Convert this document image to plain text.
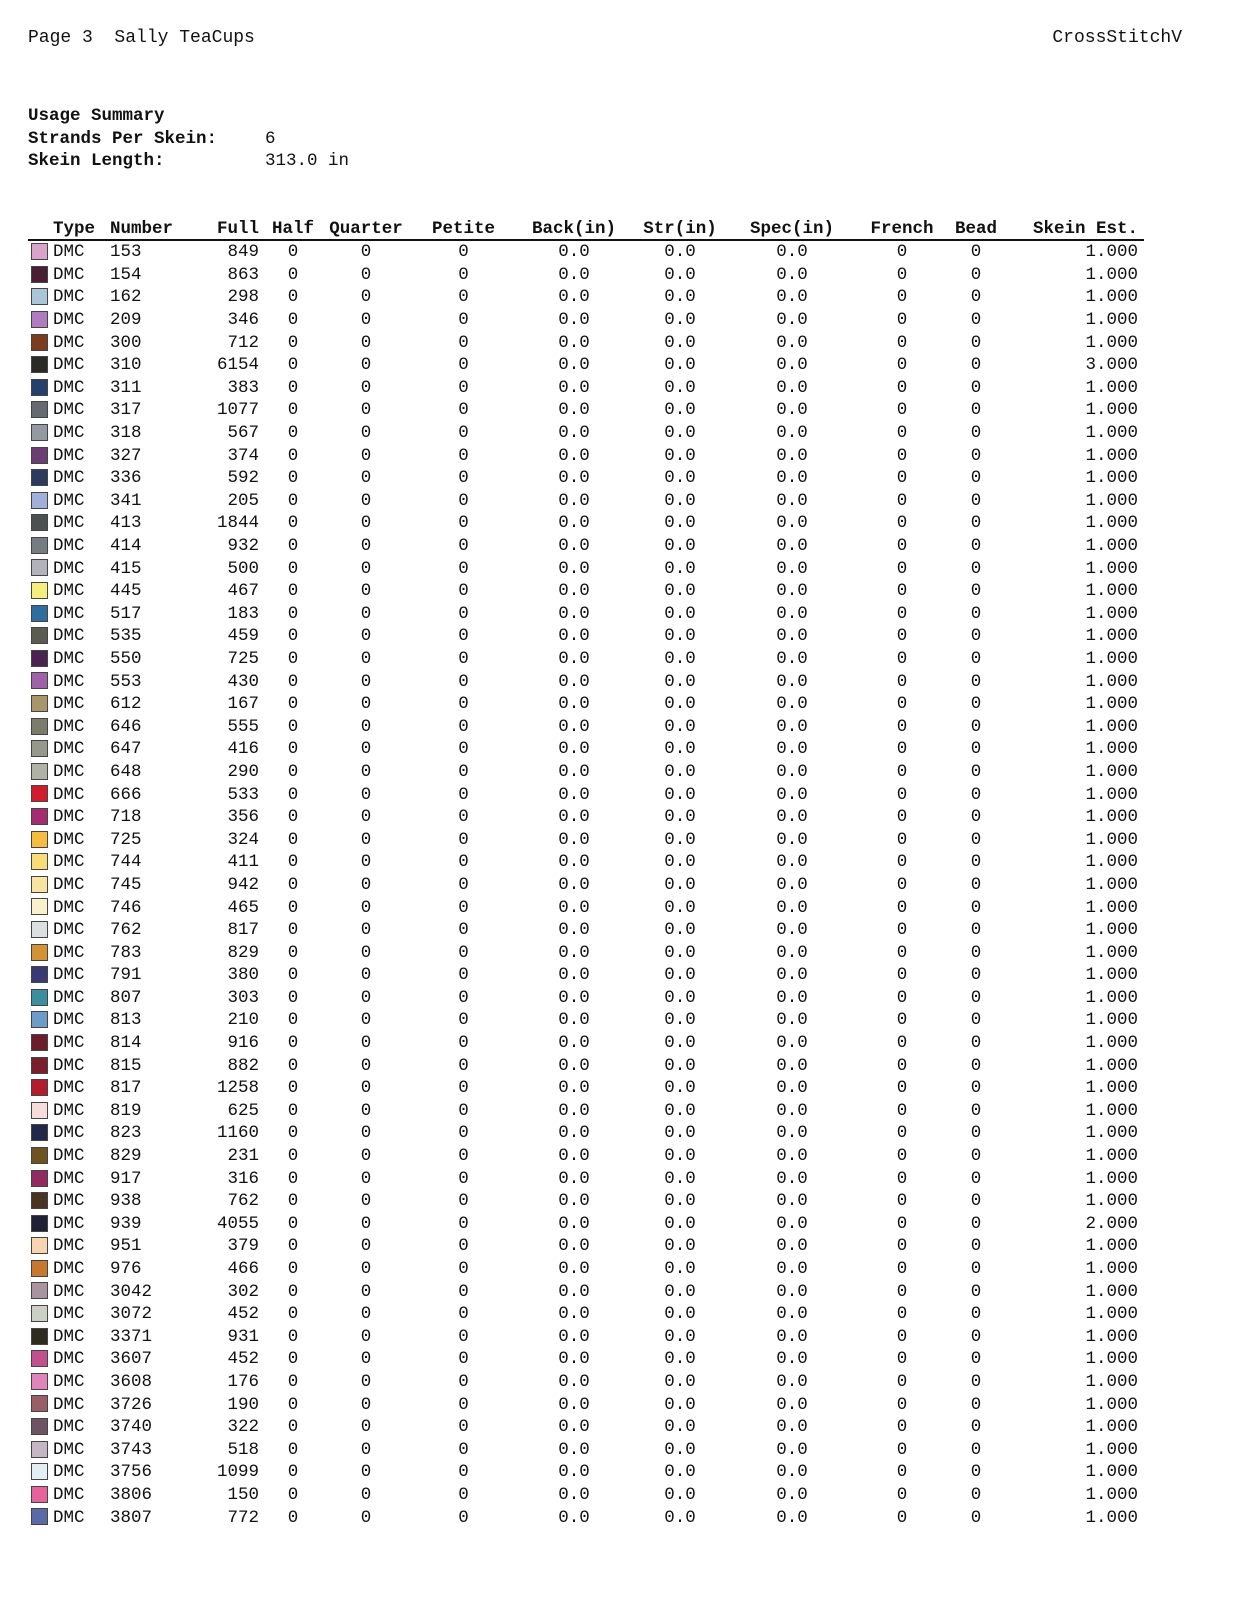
Page 3 Sally TeaCups	CrossStitchV
Usage Summary
Strands Per Skein:	6
Skein Length:	313.0 in
	Type	Number	Full	Half	Quarter	Petite	Back(in)	Str(in)	Spec(in)	French	Bead	Skein Est.
	DMC	153	849	0	0	0	0.0	0.0	0.0	0	0	1.000
	DMC	154	863	0	0	0	0.0	0.0	0.0	0	0	1.000
	DMC	162	298	0	0	0	0.0	0.0	0.0	0	0	1.000
	DMC	209	346	0	0	0	0.0	0.0	0.0	0	0	1.000
	DMC	300	712	0	0	0	0.0	0.0	0.0	0	0	1.000
	DMC	310	6154	0	0	0	0.0	0.0	0.0	0	0	3.000
	DMC	311	383	0	0	0	0.0	0.0	0.0	0	0	1.000
	DMC	317	1077	0	0	0	0.0	0.0	0.0	0	0	1.000
	DMC	318	567	0	0	0	0.0	0.0	0.0	0	0	1.000
	DMC	327	374	0	0	0	0.0	0.0	0.0	0	0	1.000
	DMC	336	592	0	0	0	0.0	0.0	0.0	0	0	1.000
	DMC	341	205	0	0	0	0.0	0.0	0.0	0	0	1.000
	DMC	413	1844	0	0	0	0.0	0.0	0.0	0	0	1.000
	DMC	414	932	0	0	0	0.0	0.0	0.0	0	0	1.000
	DMC	415	500	0	0	0	0.0	0.0	0.0	0	0	1.000
	DMC	445	467	0	0	0	0.0	0.0	0.0	0	0	1.000
	DMC	517	183	0	0	0	0.0	0.0	0.0	0	0	1.000
	DMC	535	459	0	0	0	0.0	0.0	0.0	0	0	1.000
	DMC	550	725	0	0	0	0.0	0.0	0.0	0	0	1.000
	DMC	553	430	0	0	0	0.0	0.0	0.0	0	0	1.000
	DMC	612	167	0	0	0	0.0	0.0	0.0	0	0	1.000
	DMC	646	555	0	0	0	0.0	0.0	0.0	0	0	1.000
	DMC	647	416	0	0	0	0.0	0.0	0.0	0	0	1.000
	DMC	648	290	0	0	0	0.0	0.0	0.0	0	0	1.000
	DMC	666	533	0	0	0	0.0	0.0	0.0	0	0	1.000
	DMC	718	356	0	0	0	0.0	0.0	0.0	0	0	1.000
	DMC	725	324	0	0	0	0.0	0.0	0.0	0	0	1.000
	DMC	744	411	0	0	0	0.0	0.0	0.0	0	0	1.000
	DMC	745	942	0	0	0	0.0	0.0	0.0	0	0	1.000
	DMC	746	465	0	0	0	0.0	0.0	0.0	0	0	1.000
	DMC	762	817	0	0	0	0.0	0.0	0.0	0	0	1.000
	DMC	783	829	0	0	0	0.0	0.0	0.0	0	0	1.000
	DMC	791	380	0	0	0	0.0	0.0	0.0	0	0	1.000
	DMC	807	303	0	0	0	0.0	0.0	0.0	0	0	1.000
	DMC	813	210	0	0	0	0.0	0.0	0.0	0	0	1.000
	DMC	814	916	0	0	0	0.0	0.0	0.0	0	0	1.000
	DMC	815	882	0	0	0	0.0	0.0	0.0	0	0	1.000
	DMC	817	1258	0	0	0	0.0	0.0	0.0	0	0	1.000
	DMC	819	625	0	0	0	0.0	0.0	0.0	0	0	1.000
	DMC	823	1160	0	0	0	0.0	0.0	0.0	0	0	1.000
	DMC	829	231	0	0	0	0.0	0.0	0.0	0	0	1.000
	DMC	917	316	0	0	0	0.0	0.0	0.0	0	0	1.000
	DMC	938	762	0	0	0	0.0	0.0	0.0	0	0	1.000
	DMC	939	4055	0	0	0	0.0	0.0	0.0	0	0	2.000
	DMC	951	379	0	0	0	0.0	0.0	0.0	0	0	1.000
	DMC	976	466	0	0	0	0.0	0.0	0.0	0	0	1.000
	DMC	3042	302	0	0	0	0.0	0.0	0.0	0	0	1.000
	DMC	3072	452	0	0	0	0.0	0.0	0.0	0	0	1.000
	DMC	3371	931	0	0	0	0.0	0.0	0.0	0	0	1.000
	DMC	3607	452	0	0	0	0.0	0.0	0.0	0	0	1.000
	DMC	3608	176	0	0	0	0.0	0.0	0.0	0	0	1.000
	DMC	3726	190	0	0	0	0.0	0.0	0.0	0	0	1.000
	DMC	3740	322	0	0	0	0.0	0.0	0.0	0	0	1.000
	DMC	3743	518	0	0	0	0.0	0.0	0.0	0	0	1.000
	DMC	3756	1099	0	0	0	0.0	0.0	0.0	0	0	1.000
	DMC	3806	150	0	0	0	0.0	0.0	0.0	0	0	1.000
	DMC	3807	772	0	0	0	0.0	0.0	0.0	0	0	1.000
